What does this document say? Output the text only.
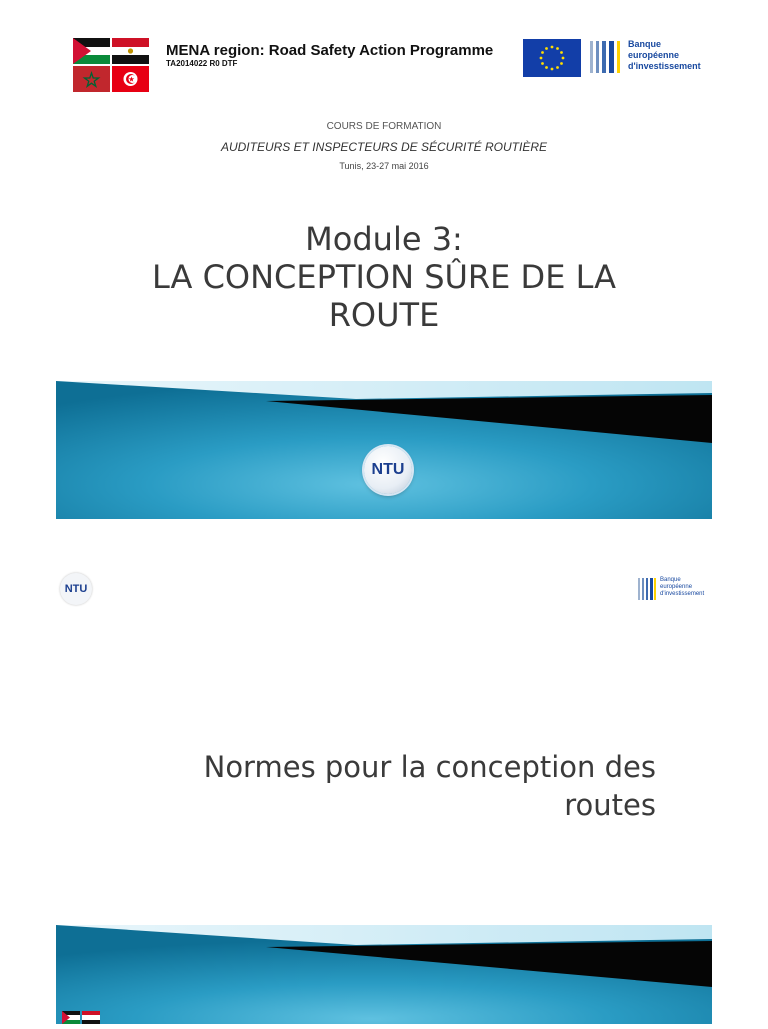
MENA region: Road Safety Action Programme
TA2014022 R0 DTF
Banque
européenne
d'investissement
COURS DE FORMATION
AUDITEURS ET INSPECTEURS DE SÉCURITÉ ROUTIÈRE
Tunis, 23-27 mai 2016
Module 3:
LA CONCEPTION SÛRE DE LA
ROUTE
NTU
NTU
Banque
européenne
d'investissement
Normes pour la conception des
routes
